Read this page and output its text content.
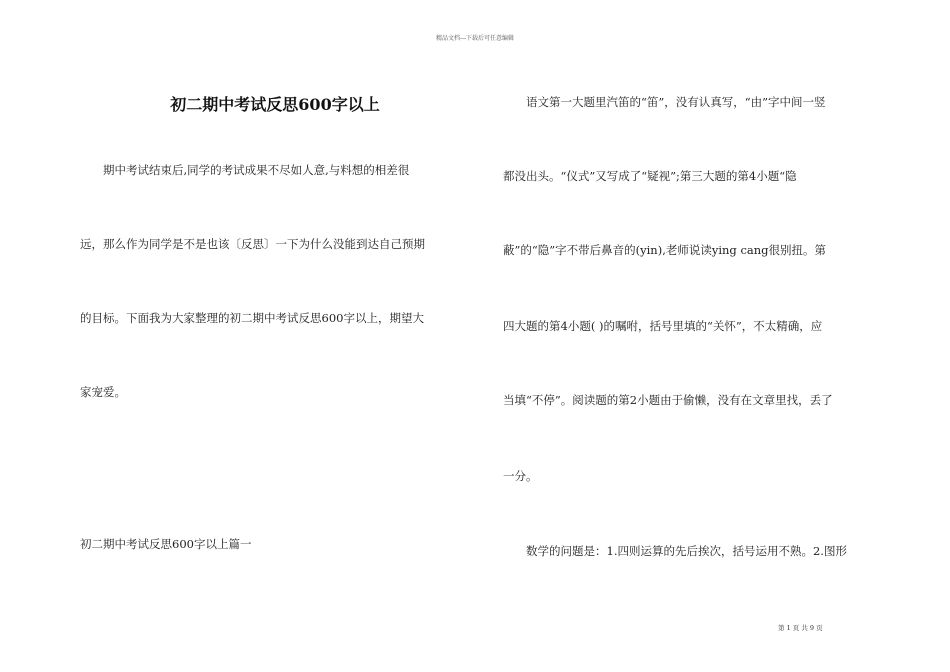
精品文档---下载后可任意编辑
初二期中考试反思600字以上
　　期中考试结束后,同学的考试成果不尽如人意,与料想的相差很
远，那么作为同学是不是也该〔反思〕一下为什么没能到达自己预期
的目标。下面我为大家整理的初二期中考试反思600字以上，期望大
家宠爱。
初二期中考试反思600字以上篇一
　　语文第一大题里汽笛的“笛”，没有认真写，“由”字中间一竖
都没出头。“仪式”又写成了“疑视”;第三大题的第4小题“隐
蔽”的“隐”字不带后鼻音的(yin),老师说读ying cang很别扭。第
四大题的第4小题( )的嘱咐，括号里填的“关怀”，不太精确，应
当填“不停”。阅读题的第2小题由于偷懒，没有在文章里找，丢了
一分。
　　数学的问题是：1.四则运算的先后挨次，括号运用不熟。2.图形
第 1 页 共 9 页
